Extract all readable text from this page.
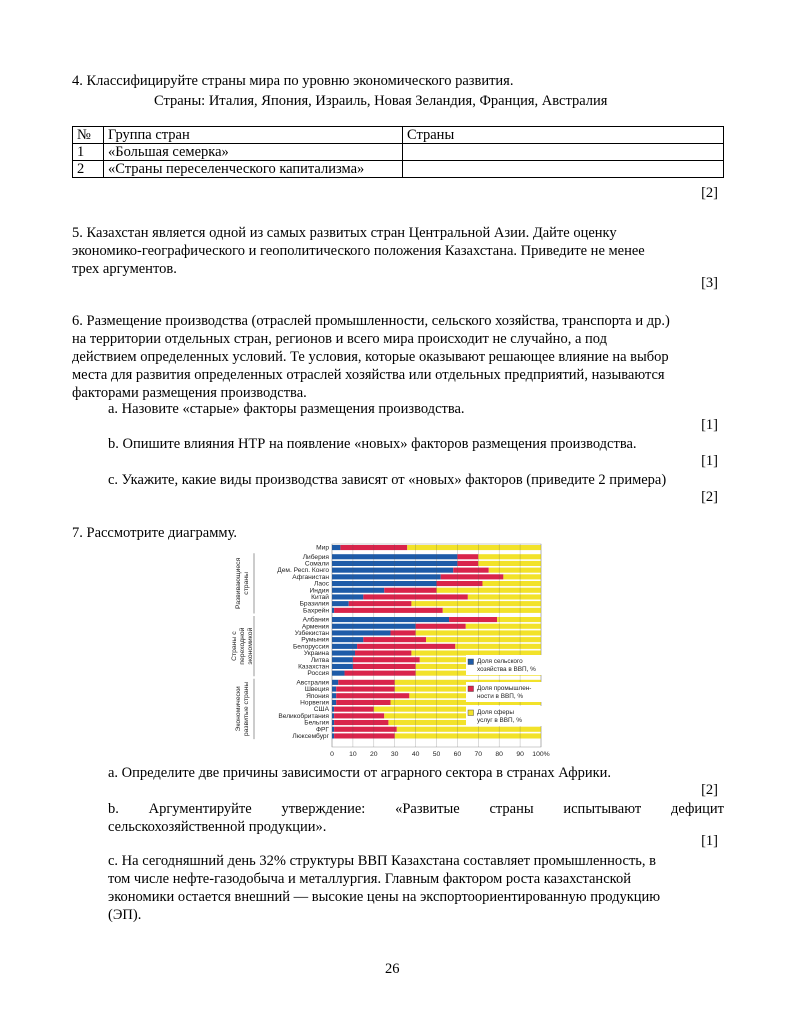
4. Классифицируйте страны мира по уровню экономического развития.
Страны: Италия, Япония, Израиль, Новая Зеландия, Франция, Австралия
№	Группа стран	Страны
1	«Большая семерка»	
2	«Страны переселенческого капитализма»	
[2]
5. Казахстан является одной из самых развитых стран Центральной Азии. Дайте оценку
экономико-географического и геополитического положения Казахстана. Приведите не менее
трех аргументов.
[3]
6. Размещение производства (отраслей промышленности, сельского хозяйства, транспорта и др.)
на территории отдельных стран, регионов и всего мира происходит не случайно, а под
действием определенных условий. Те условия, которые оказывают решающее влияние на выбор
места для развития определенных отраслей хозяйства или отдельных предприятий, называются
факторами размещения производства.
a. Назовите «старые» факторы размещения производства.
[1]
b. Опишите влияния НТР на появление «новых» факторов размещения производства.
[1]
c. Укажите, какие виды производства зависят от «новых» факторов (приведите 2 примера)
[2]
7. Рассмотрите диаграмму.
Мир
Либерия
Сомали
Дем. Респ. Конго
Афганистан
Лаос
Индия
Китай
Бразилия
Бахрейн
Албания
Армения
Узбекистан
Румыния
Белоруссия
Украина
Литва
Казахстан
Россия
Австралия
Швеция
Япония
Норвегия
США
Великобритания
Бельгия
ФРГ
Люксембург
0 10 20 30 40 50 60 70 80 90 100%
Развивающиеся страны
Страны с переходной экономикой
Экономически развитые страны
Доля сельского
хозяйства в ВВП, %
Доля промышлен-
ности в ВВП, %
Доля сферы
услуг в ВВП, %
a. Определите две причины зависимости от аграрного сектора в странах Африки.
[2]
b. Аргументируйте утверждение: «Развитые страны испытывают дефицит
сельскохозяйственной продукции».
[1]
c. На сегодняшний день 32% структуры ВВП Казахстана составляет промышленность, в
том числе нефте-газодобыча и металлургия. Главным фактором роста казахстанской
экономики остается внешний — высокие цены на экспортоориентированную продукцию
(ЭП).
26
